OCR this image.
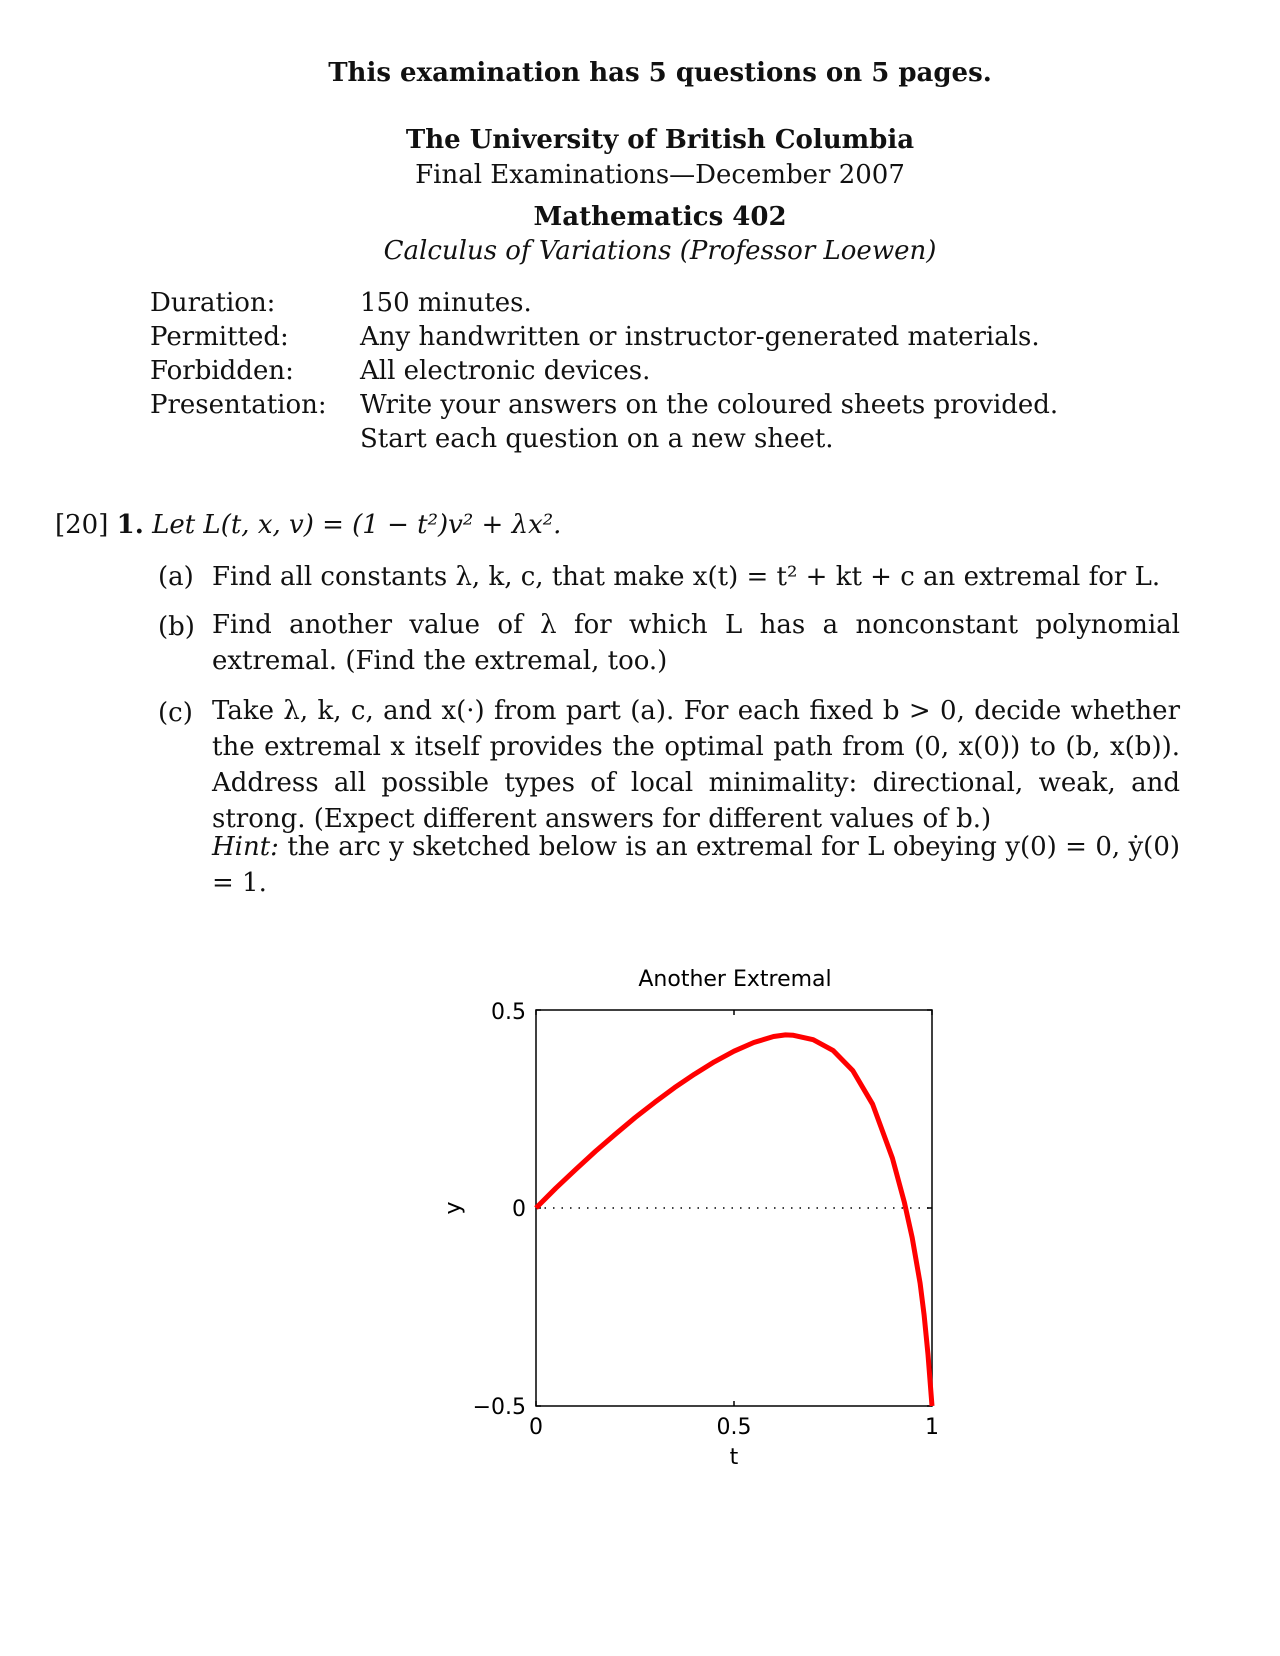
This examination has 5 questions on 5 pages.
The University of British Columbia
Final Examinations—December 2007
Mathematics 402
Calculus of Variations (Professor Loewen)
Duration:	150 minutes.
Permitted:	Any handwritten or instructor-generated materials.
Forbidden:	All electronic devices.
Presentation: Write your answers on the coloured sheets provided.
Start each question on a new sheet.
[20] 1. Let L(t, x, v) = (1 − t²)v² + λx².
(a) Find all constants λ, k, c, that make x(t) = t² + kt + c an extremal for L.
(b) Find another value of λ for which L has a nonconstant polynomial extremal. (Find the extremal, too.)
(c) Take λ, k, c, and x(·) from part (a). For each fixed b > 0, decide whether the extremal x itself provides the optimal path from (0, x(0)) to (b, x(b)). Address all possible types of local minimality: directional, weak, and strong. (Expect different answers for different values of b.)
Hint: the arc y sketched below is an extremal for L obeying y(0) = 0, ẏ(0) = 1.
Another Extremal
0.5
0
−0.5
0	0.5	1
t
y
